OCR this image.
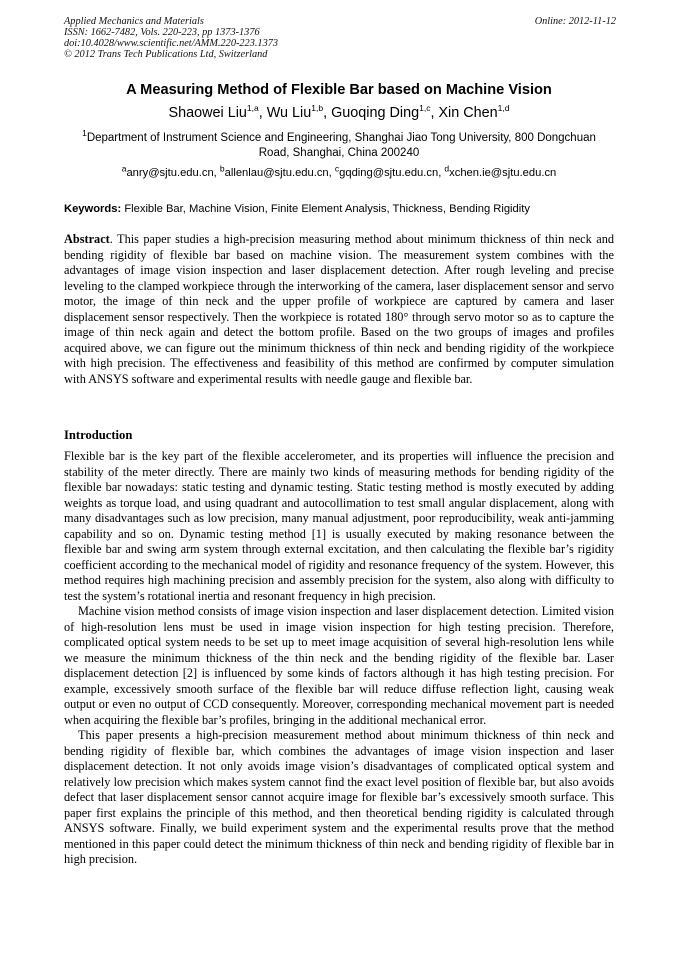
Applied Mechanics and Materials
ISSN: 1662-7482, Vols. 220-223, pp 1373-1376
doi:10.4028/www.scientific.net/AMM.220-223.1373
© 2012 Trans Tech Publications Ltd, Switzerland
Online: 2012-11-12
A Measuring Method of Flexible Bar based on Machine Vision
Shaowei Liu$^{1,a}$, Wu Liu$^{1,b}$, Guoqing Ding$^{1,c}$, Xin Chen$^{1,d}$
$^1$Department of Instrument Science and Engineering, Shanghai Jiao Tong University, 800 Dongchuan Road, Shanghai, China 200240
$^a$anry@sjtu.edu.cn, $^b$allenlau@sjtu.edu.cn, $^c$gqding@sjtu.edu.cn, $^d$xchen.ie@sjtu.edu.cn
Keywords: Flexible Bar, Machine Vision, Finite Element Analysis, Thickness, Bending Rigidity

Abstract. This paper studies a high-precision measuring method about minimum thickness of thin neck and bending rigidity of flexible bar based on machine vision. The measurement system combines with the advantages of image vision inspection and laser displacement detection. After rough leveling and precise leveling to the clamped workpiece through the interworking of the camera, laser displacement sensor and servo motor, the image of thin neck and the upper profile of workpiece are captured by camera and laser displacement sensor respectively. Then the workpiece is rotated 180° through servo motor so as to capture the image of thin neck again and detect the bottom profile. Based on the two groups of images and profiles acquired above, we can figure out the minimum thickness of thin neck and bending rigidity of the workpiece with high precision. The effectiveness and feasibility of this method are confirmed by computer simulation with ANSYS software and experimental results with needle gauge and flexible bar.

Introduction

Flexible bar is the key part of the flexible accelerometer, and its properties will influence the precision and stability of the meter directly. There are mainly two kinds of measuring methods for bending rigidity of the flexible bar nowadays: static testing and dynamic testing. Static testing method is mostly executed by adding weights as torque load, and using quadrant and autocollimation to test small angular displacement, along with many disadvantages such as low precision, many manual adjustment, poor reproducibility, weak anti-jamming capability and so on. Dynamic testing method [1] is usually executed by making resonance between the flexible bar and swing arm system through external excitation, and then calculating the flexible bar’s rigidity coefficient according to the mechanical model of rigidity and resonance frequency of the system. However, this method requires high machining precision and assembly precision for the system, also along with difficulty to test the system’s rotational inertia and resonant frequency in high precision.

Machine vision method consists of image vision inspection and laser displacement detection. Limited vision of high-resolution lens must be used in image vision inspection for high testing precision. Therefore, complicated optical system needs to be set up to meet image acquisition of several high-resolution lens while we measure the minimum thickness of the thin neck and the bending rigidity of the flexible bar. Laser displacement detection [2] is influenced by some kinds of factors although it has high testing precision. For example, excessively smooth surface of the flexible bar will reduce diffuse reflection light, causing weak output or even no output of CCD consequently. Moreover, corresponding mechanical movement part is needed when acquiring the flexible bar’s profiles, bringing in the additional mechanical error.

This paper presents a high-precision measurement method about minimum thickness of thin neck and bending rigidity of flexible bar, which combines the advantages of image vision inspection and laser displacement detection. It not only avoids image vision’s disadvantages of complicated optical system and relatively low precision which makes system cannot find the exact level position of flexible bar, but also avoids defect that laser displacement sensor cannot acquire image for flexible bar’s excessively smooth surface. This paper first explains the principle of this method, and then theoretical bending rigidity is calculated through ANSYS software. Finally, we build experiment system and the experimental results prove that the method mentioned in this paper could detect the minimum thickness of thin neck and bending rigidity of flexible bar in high precision.
